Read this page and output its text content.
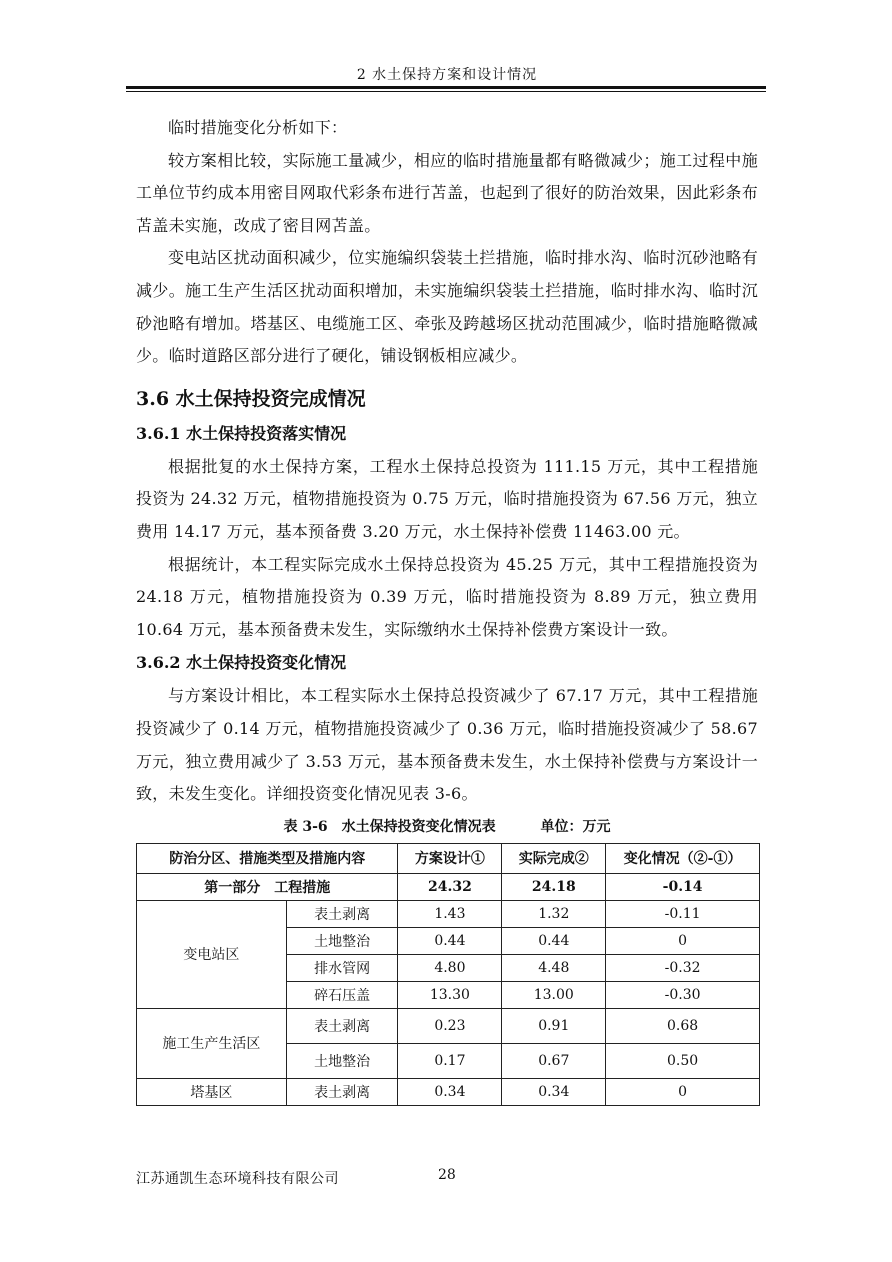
2 水土保持方案和设计情况

临时措施变化分析如下：

较方案相比较，实际施工量减少，相应的临时措施量都有略微减少；施工过程中施工单位节约成本用密目网取代彩条布进行苫盖，也起到了很好的防治效果，因此彩条布苫盖未实施，改成了密目网苫盖。

变电站区扰动面积减少，位实施编织袋装土拦措施，临时排水沟、临时沉砂池略有减少。施工生产生活区扰动面积增加，未实施编织袋装土拦措施，临时排水沟、临时沉砂池略有增加。塔基区、电缆施工区、牵张及跨越场区扰动范围减少，临时措施略微减少。临时道路区部分进行了硬化，铺设钢板相应减少。

3.6 水土保持投资完成情况
3.6.1 水土保持投资落实情况

根据批复的水土保持方案，工程水土保持总投资为 111.15 万元，其中工程措施投资为 24.32 万元，植物措施投资为 0.75 万元，临时措施投资为 67.56 万元，独立费用 14.17 万元，基本预备费 3.20 万元，水土保持补偿费 11463.00 元。

根据统计，本工程实际完成水土保持总投资为 45.25 万元，其中工程措施投资为 24.18 万元，植物措施投资为 0.39 万元，临时措施投资为 8.89 万元，独立费用 10.64 万元，基本预备费未发生，实际缴纳水土保持补偿费方案设计一致。

3.6.2 水土保持投资变化情况

与方案设计相比，本工程实际水土保持总投资减少了 67.17 万元，其中工程措施投资减少了 0.14 万元，植物措施投资减少了 0.36 万元，临时措施投资减少了 58.67 万元，独立费用减少了 3.53 万元，基本预备费未发生，水土保持补偿费与方案设计一致，未发生变化。详细投资变化情况见表 3-6。

表 3-6　水土保持投资变化情况表	单位：万元
防治分区、措施类型及措施内容		方案设计①	实际完成②	变化情况（②-①）
第一部分　工程措施		24.32	24.18	-0.14
变电站区	表土剥离	1.43	1.32	-0.11
	土地整治	0.44	0.44	0
	排水管网	4.80	4.48	-0.32
	碎石压盖	13.30	13.00	-0.30
施工生产生活区	表土剥离	0.23	0.91	0.68
	土地整治	0.17	0.67	0.50
塔基区	表土剥离	0.34	0.34	0
江苏通凯生态环境科技有限公司	28
